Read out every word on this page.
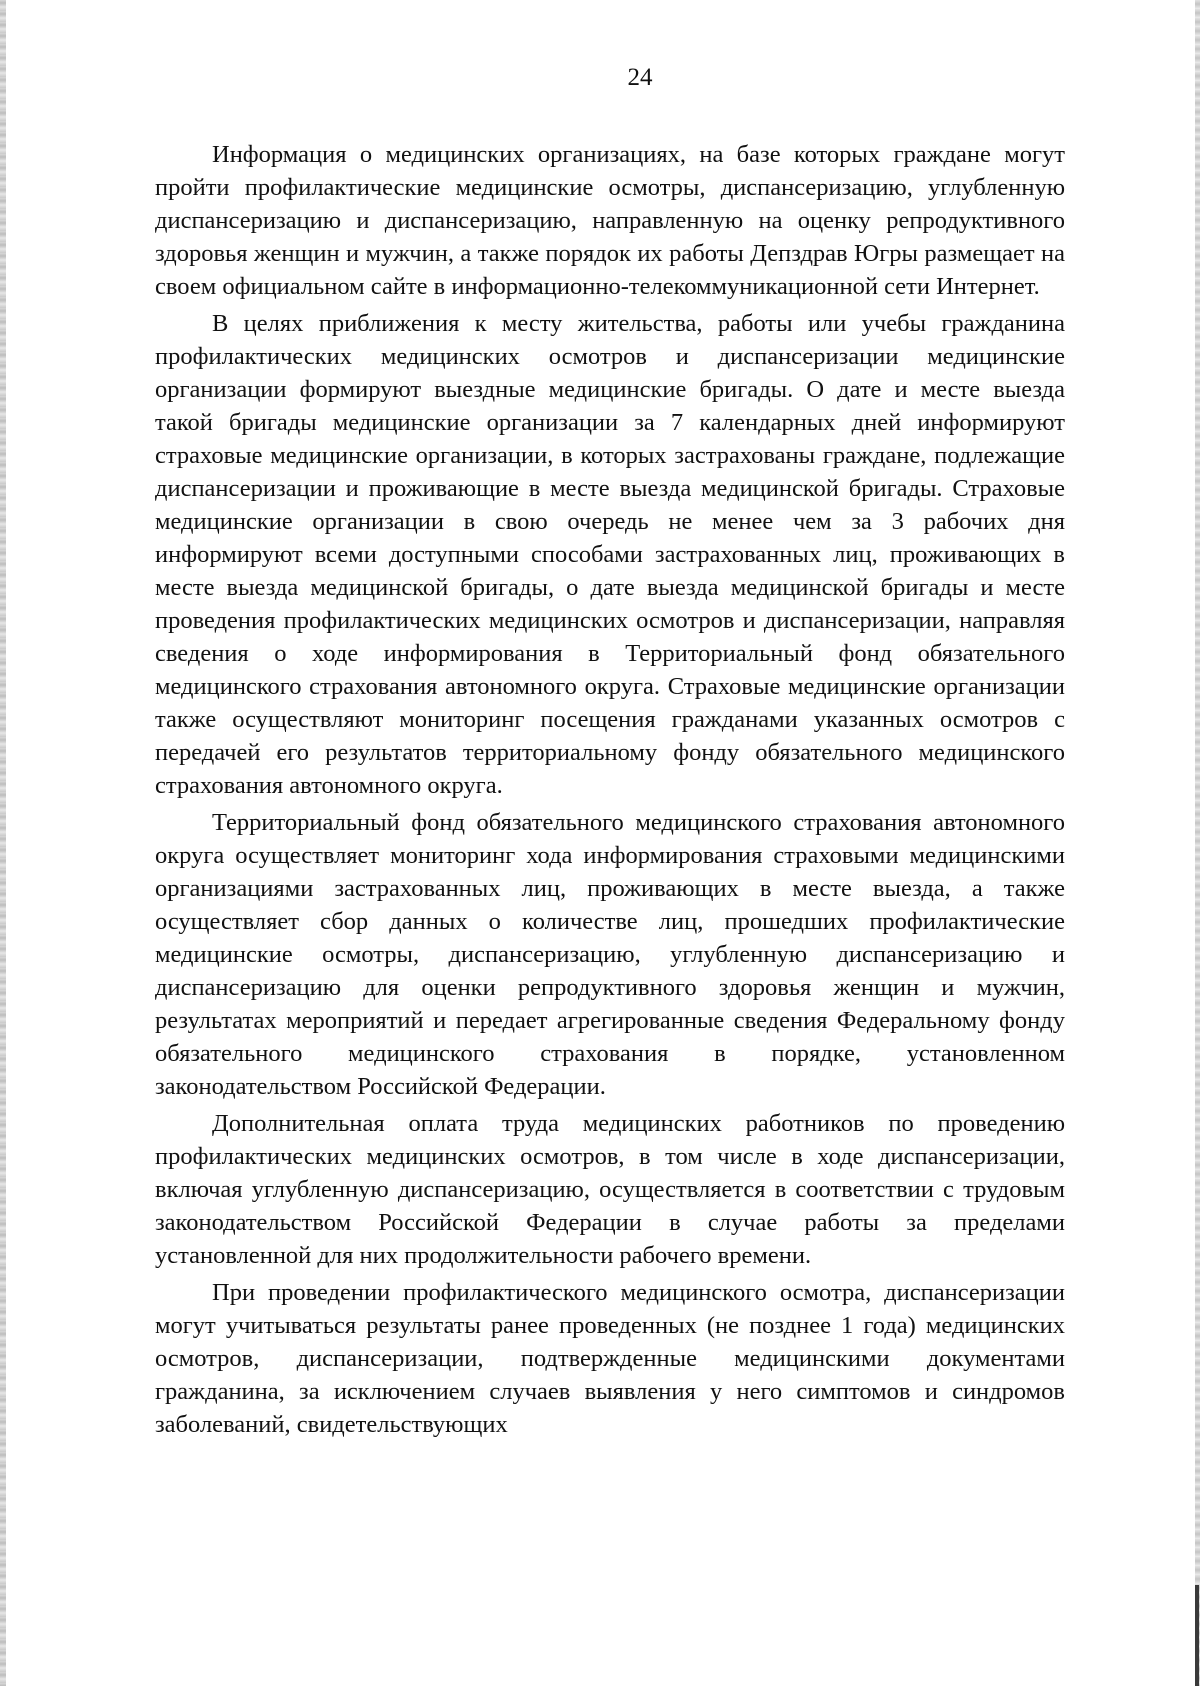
24

Информация о медицинских организациях, на базе которых граждане могут пройти профилактические медицинские осмотры, диспансеризацию, углубленную диспансеризацию и диспансеризацию, направленную на оценку репродуктивного здоровья женщин и мужчин, а также порядок их работы Депздрав Югры размещает на своем официальном сайте в информационно-телекоммуникационной сети Интернет.

В целях приближения к месту жительства, работы или учебы гражданина профилактических медицинских осмотров и диспансеризации медицинские организации формируют выездные медицинские бригады. О дате и месте выезда такой бригады медицинские организации за 7 календарных дней информируют страховые медицинские организации, в которых застрахованы граждане, подлежащие диспансеризации и проживающие в месте выезда медицинской бригады. Страховые медицинские организации в свою очередь не менее чем за 3 рабочих дня информируют всеми доступными способами застрахованных лиц, проживающих в месте выезда медицинской бригады, о дате выезда медицинской бригады и месте проведения профилактических медицинских осмотров и диспансеризации, направляя сведения о ходе информирования в Территориальный фонд обязательного медицинского страхования автономного округа. Страховые медицинские организации также осуществляют мониторинг посещения гражданами указанных осмотров с передачей его результатов территориальному фонду обязательного медицинского страхования автономного округа.

Территориальный фонд обязательного медицинского страхования автономного округа осуществляет мониторинг хода информирования страховыми медицинскими организациями застрахованных лиц, проживающих в месте выезда, а также осуществляет сбор данных о количестве лиц, прошедших профилактические медицинские осмотры, диспансеризацию, углубленную диспансеризацию и диспансеризацию для оценки репродуктивного здоровья женщин и мужчин, результатах мероприятий и передает агрегированные сведения Федеральному фонду обязательного медицинского страхования в порядке, установленном законодательством Российской Федерации.

Дополнительная оплата труда медицинских работников по проведению профилактических медицинских осмотров, в том числе в ходе диспансеризации, включая углубленную диспансеризацию, осуществляется в соответствии с трудовым законодательством Российской Федерации в случае работы за пределами установленной для них продолжительности рабочего времени.

При проведении профилактического медицинского осмотра, диспансеризации могут учитываться результаты ранее проведенных (не позднее 1 года) медицинских осмотров, диспансеризации, подтвержденные медицинскими документами гражданина, за исключением случаев выявления у него симптомов и синдромов заболеваний, свидетельствующих
